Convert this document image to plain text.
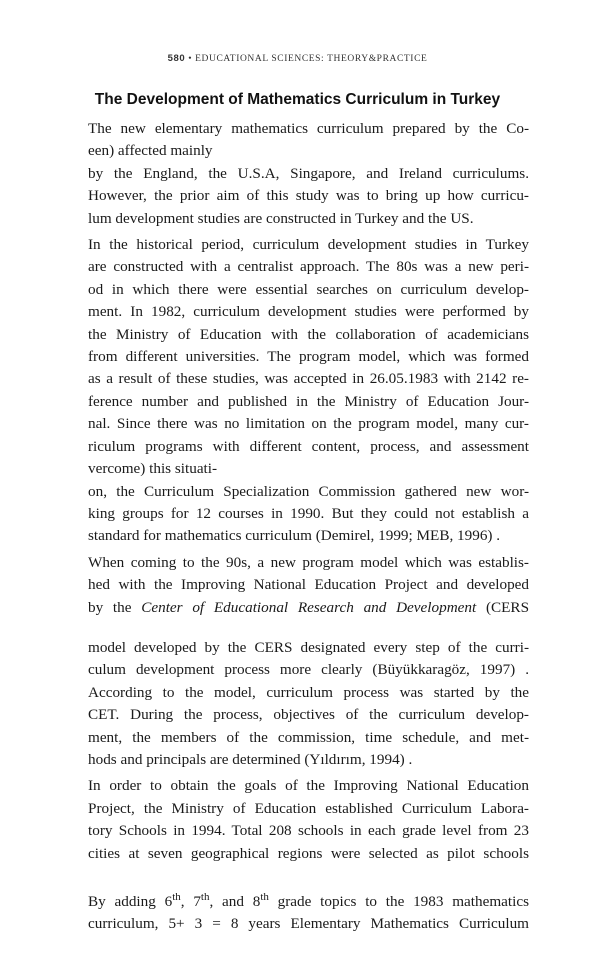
580 • EDUCATIONAL SCIENCES: THEORY&PRACTICE
The Development of Mathematics Curriculum in Turkey
The new elementary mathematics curriculum prepared by the Co-
een) affected mainly
by the England, the U.S.A, Singapore, and Ireland curriculums.
However, the prior aim of this study was to bring up how curricu-
lum development studies are constructed in Turkey and the US.
In the historical period, curriculum development studies in Turkey
are constructed with a centralist approach. The 80s was a new peri-
od in which there were essential searches on curriculum develop-
ment. In 1982, curriculum development studies were performed by
the Ministry of Education with the collaboration of academicians
from different universities. The program model, which was formed
as a result of these studies, was accepted in 26.05.1983 with 2142 re-
ference number and published in the Ministry of Education Jour-
nal. Since there was no limitation on the program model, many cur-
riculum programs with different content, process, and assessment
vercome) this situati-
on, the Curriculum Specialization Commission gathered new wor-
king groups for 12 courses in 1990. But they could not establish a
standard for mathematics curriculum (Demirel, 1999; MEB, 1996) .
When coming to the 90s, a new program model which was establis-
hed with the Improving National Education Project and developed
by the Center of Educational Research and Development (CERS
model developed by the CERS designated every step of the curri-
culum development process more clearly (Büyükkaragöz, 1997) .
According to the model, curriculum process was started by the
CET. During the process, objectives of the curriculum develop-
ment, the members of the commission, time schedule, and met-
hods and principals are determined (Yıldırım, 1994) .
In order to obtain the goals of the Improving National Education
Project, the Ministry of Education established Curriculum Labora-
tory Schools in 1994. Total 208 schools in each grade level from 23
cities at seven geographical regions were selected as pilot schools
By adding 6th, 7th, and 8th grade topics to the 1983 mathematics
curriculum, 5+ 3 = 8 years Elementary Mathematics Curriculum
